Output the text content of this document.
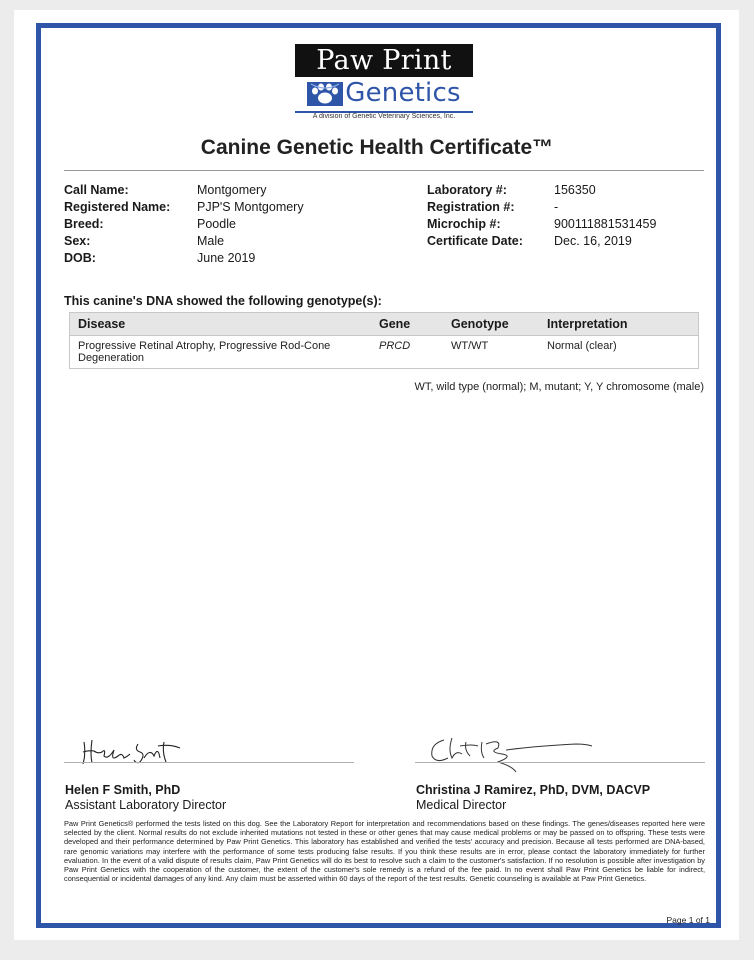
Paw Print
Genetics
A division of Genetic Veterinary Sciences, Inc.
Canine Genetic Health Certificate™
Call Name:	Montgomery
Registered Name:	PJP'S Montgomery
Breed:	Poodle
Sex:	Male
DOB:	June 2019
Laboratory #:	156350
Registration #:	-
Microchip #:	900111881531459
Certificate Date:	Dec. 16, 2019
This canine's DNA showed the following genotype(s):
Disease	Gene	Genotype	Interpretation
Progressive Retinal Atrophy, Progressive Rod-Cone Degeneration	PRCD	WT/WT	Normal (clear)
WT, wild type (normal); M, mutant; Y, Y chromosome (male)
Helen F Smith, PhD
Assistant Laboratory Director
Christina J Ramirez, PhD, DVM, DACVP
Medical Director
Paw Print Genetics® performed the tests listed on this dog. See the Laboratory Report for interpretation and recommendations based on these findings. The genes/diseases reported here were selected by the client. Normal results do not exclude inherited mutations not tested in these or other genes that may cause medical problems or may be passed on to offspring. These tests were developed and their performance determined by Paw Print Genetics. This laboratory has established and verified the tests' accuracy and precision. Because all tests performed are DNA-based, rare genomic variations may interfere with the performance of some tests producing false results. If you think these results are in error, please contact the laboratory immediately for further evaluation. In the event of a valid dispute of results claim, Paw Print Genetics will do its best to resolve such a claim to the customer's satisfaction. If no resolution is possible after investigation by Paw Print Genetics with the cooperation of the customer, the extent of the customer's sole remedy is a refund of the fee paid. In no event shall Paw Print Genetics be liable for indirect, consequential or incidental damages of any kind. Any claim must be asserted within 60 days of the report of the test results. Genetic counseling is available at Paw Print Genetics.
Page 1 of 1
